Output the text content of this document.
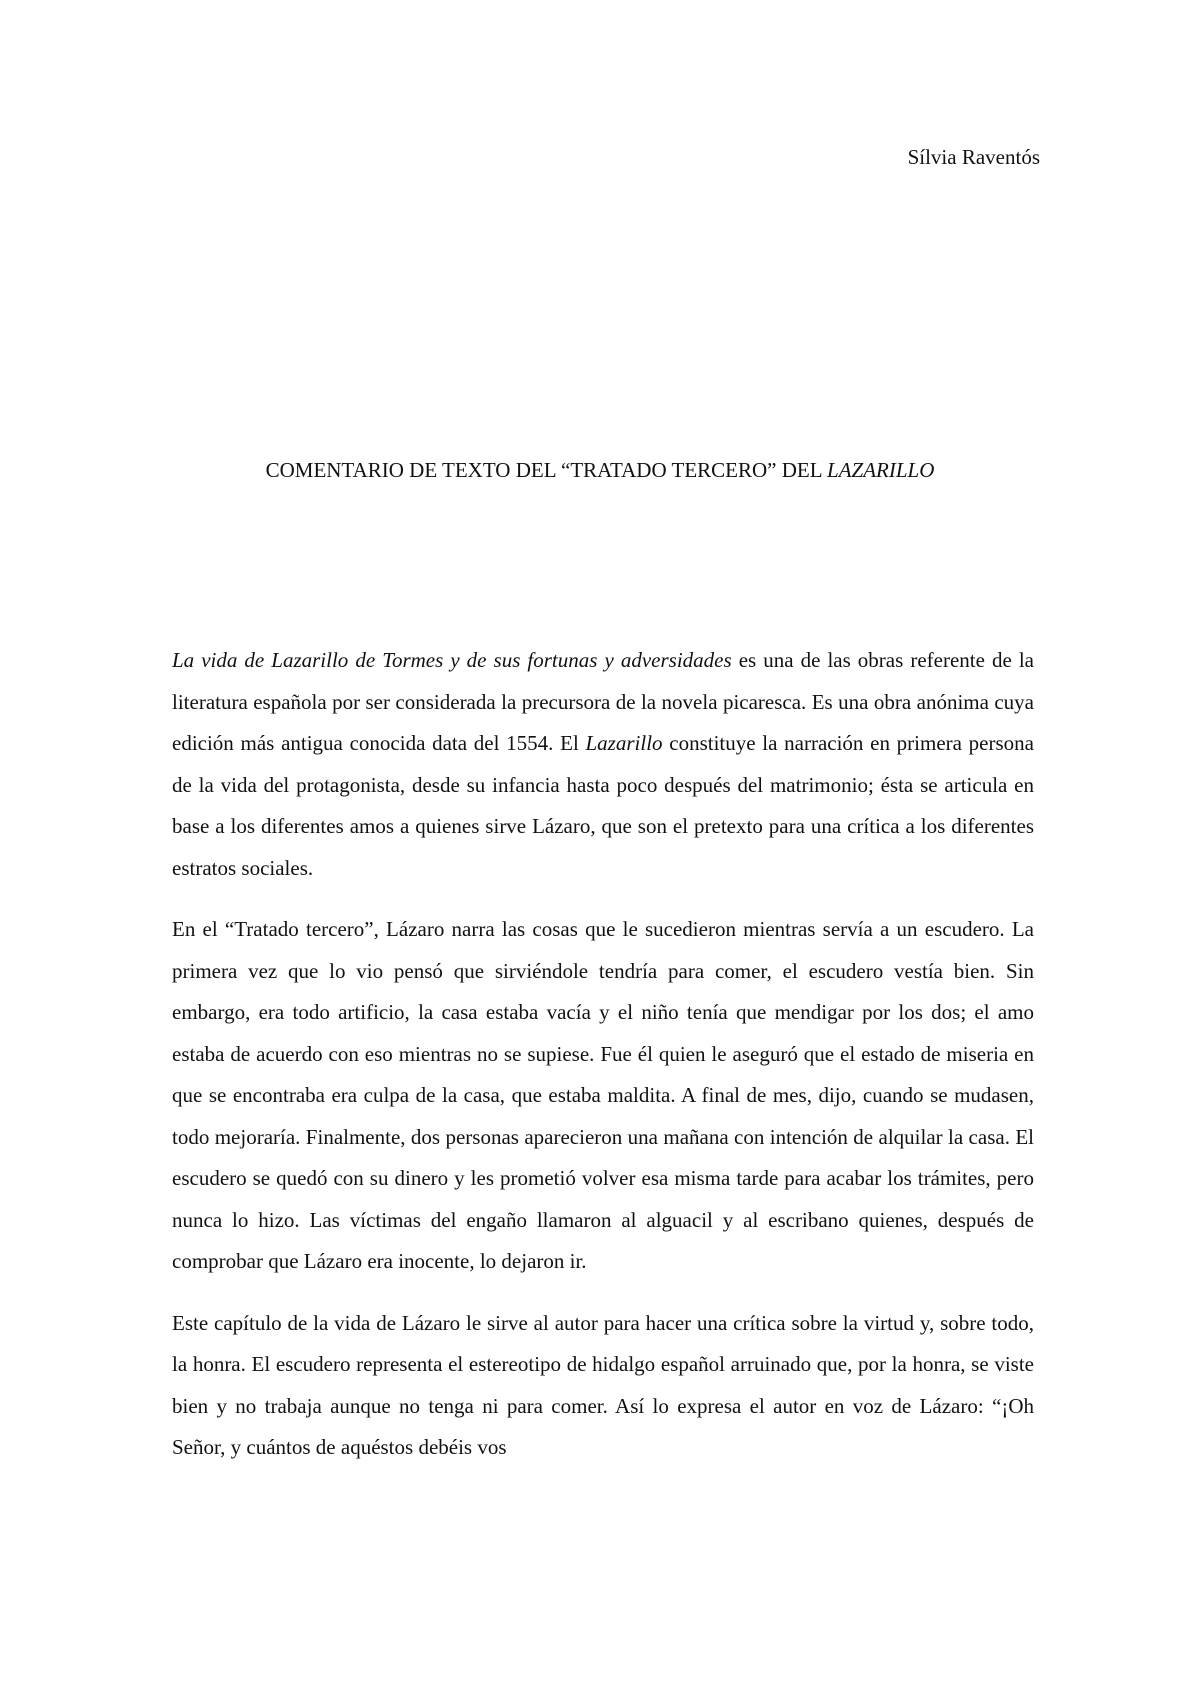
Sílvia Raventós
COMENTARIO DE TEXTO DEL “TRATADO TERCERO” DEL LAZARILLO

La vida de Lazarillo de Tormes y de sus fortunas y adversidades es una de las obras referente de la literatura española por ser considerada la precursora de la novela picaresca. Es una obra anónima cuya edición más antigua conocida data del 1554. El Lazarillo constituye la narración en primera persona de la vida del protagonista, desde su infancia hasta poco después del matrimonio; ésta se articula en base a los diferentes amos a quienes sirve Lázaro, que son el pretexto para una crítica a los diferentes estratos sociales.

En el “Tratado tercero”, Lázaro narra las cosas que le sucedieron mientras servía a un escudero. La primera vez que lo vio pensó que sirviéndole tendría para comer, el escudero vestía bien. Sin embargo, era todo artificio, la casa estaba vacía y el niño tenía que mendigar por los dos; el amo estaba de acuerdo con eso mientras no se supiese. Fue él quien le aseguró que el estado de miseria en que se encontraba era culpa de la casa, que estaba maldita. A final de mes, dijo, cuando se mudasen, todo mejoraría. Finalmente, dos personas aparecieron una mañana con intención de alquilar la casa. El escudero se quedó con su dinero y les prometió volver esa misma tarde para acabar los trámites, pero nunca lo hizo. Las víctimas del engaño llamaron al alguacil y al escribano quienes, después de comprobar que Lázaro era inocente, lo dejaron ir.

Este capítulo de la vida de Lázaro le sirve al autor para hacer una crítica sobre la virtud y, sobre todo, la honra. El escudero representa el estereotipo de hidalgo español arruinado que, por la honra, se viste bien y no trabaja aunque no tenga ni para comer. Así lo expresa el autor en voz de Lázaro: “¡Oh Señor, y cuántos de aquéstos debéis vos
